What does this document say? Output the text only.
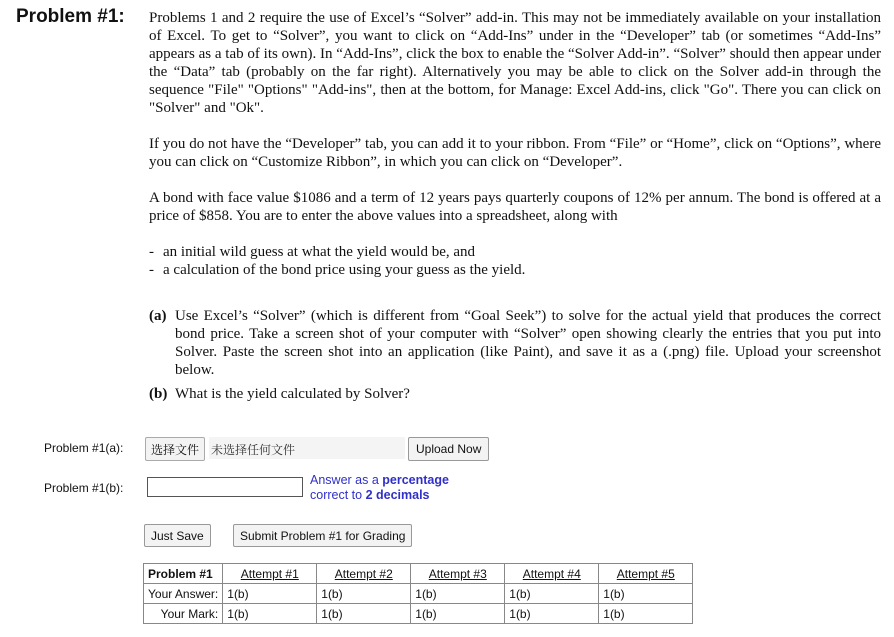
Problem #1: Problems 1 and 2 require the use of Excel’s “Solver” add-in. This may not be immediately available on your installation of Excel. To get to “Solver”, you want to click on “Add-Ins” under in the “Developer” tab (or sometimes “Add-Ins” appears as a tab of its own). In “Add-Ins”, click the box to enable the “Solver Add-in”. “Solver” should then appear under the “Data” tab (probably on the far right). Alternatively you may be able to click on the Solver add-in through the sequence "File" "Options" "Add-ins", then at the bottom, for Manage: Excel Add-ins, click "Go". There you can click on "Solver" and "Ok".

If you do not have the “Developer” tab, you can add it to your ribbon. From “File” or “Home”, click on “Options”, where you can click on “Customize Ribbon”, in which you can click on “Developer”.

A bond with face value $1086 and a term of 12 years pays quarterly coupons of 12% per annum. The bond is offered at a price of $858. You are to enter the above values into a spreadsheet, along with

- an initial wild guess at what the yield would be, and
- a calculation of the bond price using your guess as the yield.
(a) Use Excel’s “Solver” (which is different from “Goal Seek”) to solve for the actual yield that produces the correct bond price. Take a screen shot of your computer with “Solver” open showing clearly the entries that you put into Solver. Paste the screen shot into an application (like Paint), and save it as a (.png) file. Upload your screenshot below.
(b) What is the yield calculated by Solver?
Problem #1(a):	选择文件 未选择任何文件	Upload Now
Problem #1(b):
Answer as a percentage
correct to 2 decimals
Just Save	Submit Problem #1 for Grading
Problem #1	Attempt #1	Attempt #2	Attempt #3	Attempt #4	Attempt #5
Your Answer:	1(b)	1(b)	1(b)	1(b)	1(b)
Your Mark:	1(b)	1(b)	1(b)	1(b)	1(b)
